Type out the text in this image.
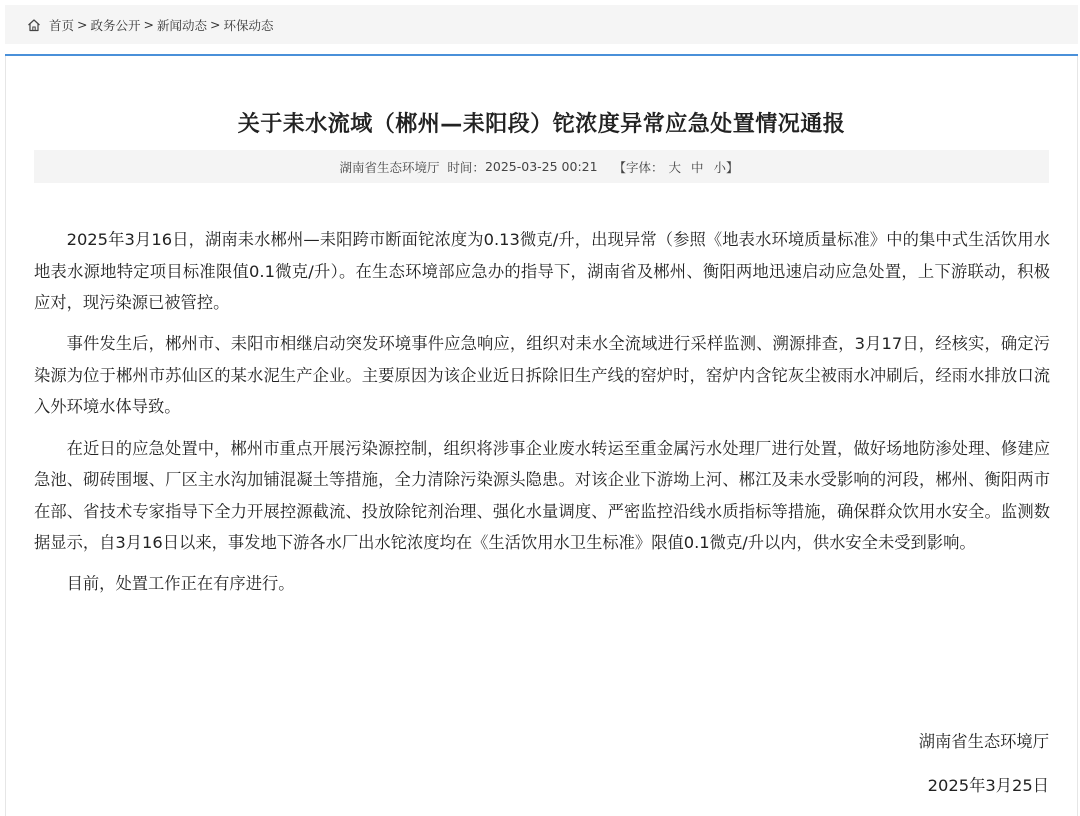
首页 > 政务公开 > 新闻动态 > 环保动态
关于耒水流域（郴州—耒阳段）铊浓度异常应急处置情况通报
湖南省生态环境厅
时间： 2025-03-25 00:21
【字体： 大 中 小】

2025年3月16日，湖南耒水郴州—耒阳跨市断面铊浓度为0.13微克/升，出现异常（参照《地表水环境质量标准》中的集中式生活饮用水地表水源地特定项目标准限值0.1微克/升）。在生态环境部应急办的指导下，湖南省及郴州、衡阳两地迅速启动应急处置，上下游联动，积极应对，现污染源已被管控。

事件发生后，郴州市、耒阳市相继启动突发环境事件应急响应，组织对耒水全流域进行采样监测、溯源排查，3月17日，经核实，确定污染源为位于郴州市苏仙区的某水泥生产企业。主要原因为该企业近日拆除旧生产线的窑炉时，窑炉内含铊灰尘被雨水冲刷后，经雨水排放口流入外环境水体导致。

在近日的应急处置中，郴州市重点开展污染源控制，组织将涉事企业废水转运至重金属污水处理厂进行处置，做好场地防渗处理、修建应急池、砌砖围堰、厂区主水沟加铺混凝土等措施，全力清除污染源头隐患。对该企业下游坳上河、郴江及耒水受影响的河段，郴州、衡阳两市在部、省技术专家指导下全力开展控源截流、投放除铊剂治理、强化水量调度、严密监控沿线水质指标等措施，确保群众饮用水安全。监测数据显示，自3月16日以来，事发地下游各水厂出水铊浓度均在《生活饮用水卫生标准》限值0.1微克/升以内，供水安全未受到影响。

目前，处置工作正在有序进行。

湖南省生态环境厅
2025年3月25日
